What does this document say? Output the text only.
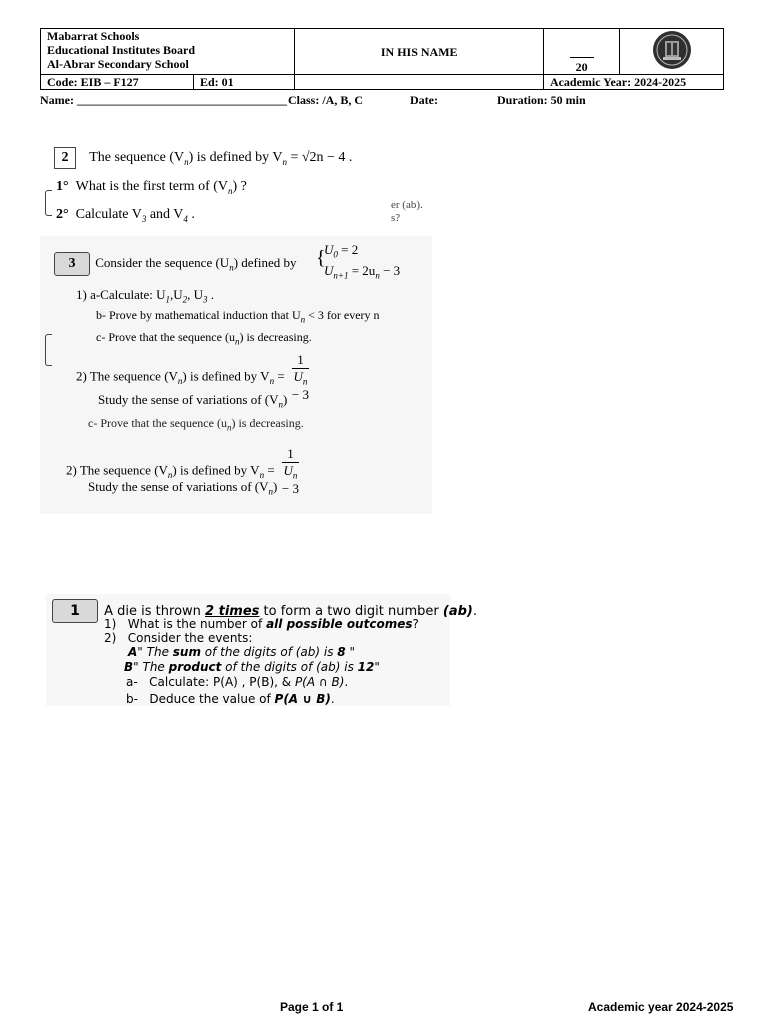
Mabarrat Schools
Educational Institutes Board
Al-Abrar Secondary School	IN HIS NAME	20	

Code: EIB – F127 Ed: 01		Academic Year: 2024-2025	
Name: ___________________________________ Class: /A, B, C	Date:	Duration: 50 min
2 The sequence $(V_n)$ is defined by $V_n = √2n - 4$ .
1° What is the first term of $(V_n)$ ?
2° Calculate $V_3$ and $V_4$ .
er (ab).
s?
3 Consider the sequence $(U_n)$ defined by {
$U_0 = 2$
$U_{n+1} = 2u_n - 3$
1) a-Calculate: $U_1,U_2$, $U_3$ .
b- Prove by mathematical induction that $U_n < 3$ for every n
c- Prove that the sequence $(u_n)$ is decreasing.
2) The sequence $(V_n)$ is defined by $V_n = 1$
$U_n$
− 3
Study the sense of variations of $(V_n)$
c- Prove that the sequence $(u_n)$ is decreasing.
2) The sequence $(V_n)$ is defined by $V_n = 1$
$U_n$
− 3
Study the sense of variations of $(V_n)$
1 A die is thrown 2 times to form a two digit number (ab).
1) What is the number of all possible outcomes?
2) Consider the events:
A" The sum of the digits of (ab) is 8 "
B" The product of the digits of (ab) is 12"
a- Calculate: P(A) , P(B), & P(A ∩ B).
b- Deduce the value of P(A ∪ B).
Page 1 of 1	Academic year 2024-2025
